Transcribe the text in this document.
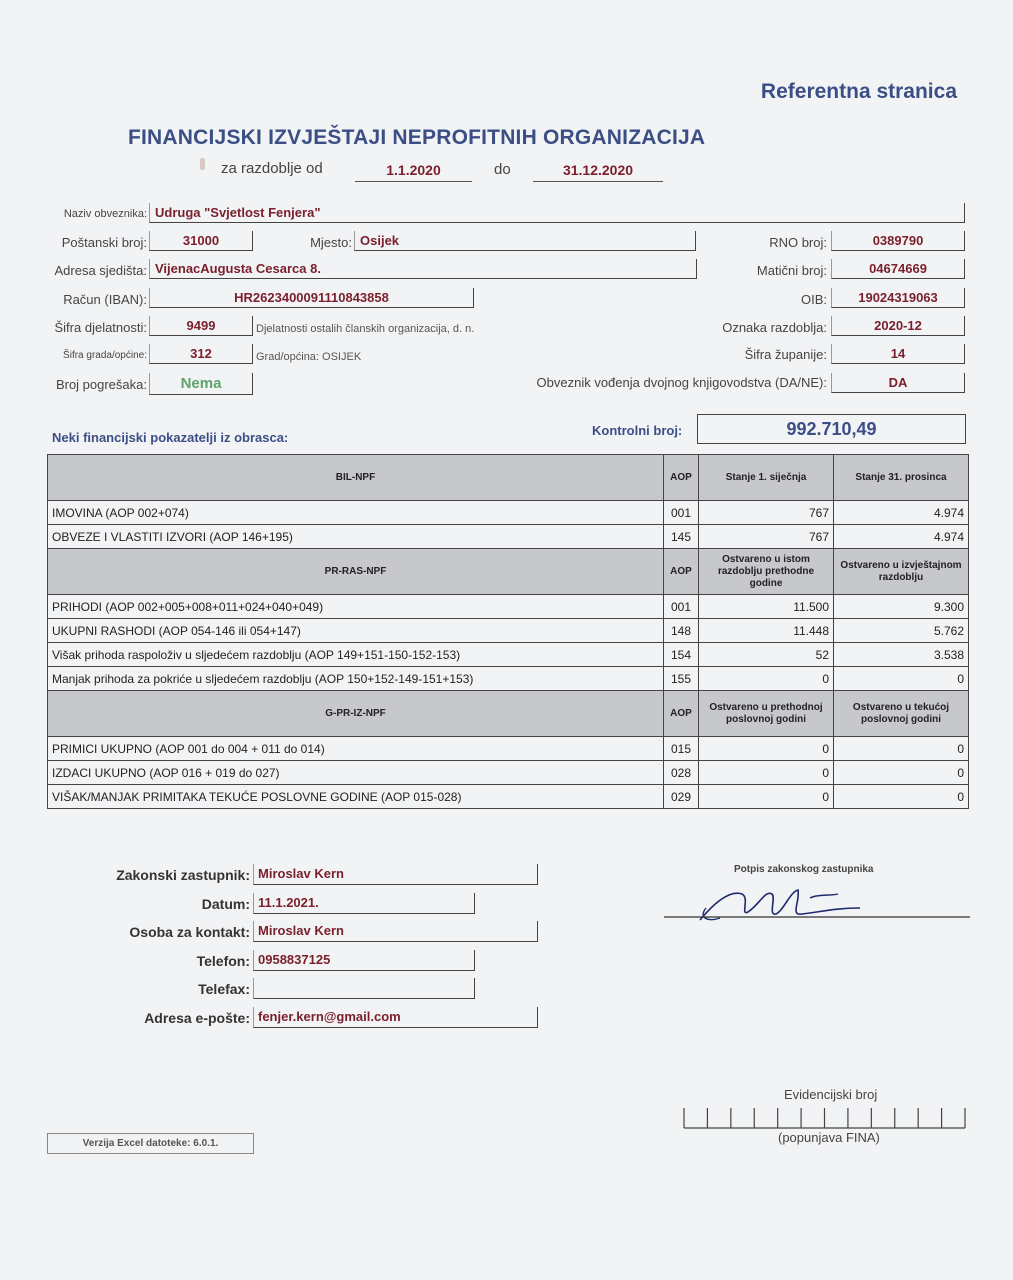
Referentna stranica
FINANCIJSKI IZVJEŠTAJI NEPROFITNIH ORGANIZACIJA
za razdoblje od	1.1.2020	do	31.12.2020
Naziv obveznika: Udruga "Svjetlost Fenjera"
Poštanski broj:	31000	Mjesto: Osijek	RNO broj:	0389790
Adresa sjedišta: VijenacAugusta Cesarca 8.	Matični broj:	04674669
Račun (IBAN):	HR2623400091110843858	OIB:	19024319063
Šifra djelatnosti:	9499	Djelatnosti ostalih članskih organizacija, d. n.	Oznaka razdoblja:	2020-12
Šifra grada/općine:	312	Grad/općina: OSIJEK	Šifra županije:	14
Broj pogrešaka:	Nema	Obveznik vođenja dvojnog knjigovodstva (DA/NE):	DA
Neki financijski pokazatelji iz obrasca:	Kontrolni broj:	992.710,49
BIL-NPF	AOP	Stanje 1. siječnja	Stanje 31. prosinca
IMOVINA (AOP 002+074)	001	767	4.974
OBVEZE I VLASTITI IZVORI (AOP 146+195)	145	767	4.974
PR-RAS-NPF	AOP	Ostvareno u istom razdoblju prethodne godine	Ostvareno u izvještajnom razdoblju
PRIHODI (AOP 002+005+008+011+024+040+049)	001	11.500	9.300
UKUPNI RASHODI (AOP 054-146 ili 054+147)	148	11.448	5.762
Višak prihoda raspoloživ u sljedećem razdoblju (AOP 149+151-150-152-153)	154	52	3.538
Manjak prihoda za pokriće u sljedećem razdoblju (AOP 150+152-149-151+153)	155	0	0
G-PR-IZ-NPF	AOP	Ostvareno u prethodnoj poslovnoj godini	Ostvareno u tekućoj poslovnoj godini
PRIMICI UKUPNO (AOP 001 do 004 + 011 do 014)	015	0	0
IZDACI UKUPNO (AOP 016 + 019 do 027)	028	0	0
VIŠAK/MANJAK PRIMITAKA TEKUĆE POSLOVNE GODINE (AOP 015-028)	029	0	0
Zakonski zastupnik: Miroslav Kern
Datum: 11.1.2021.
Osoba za kontakt: Miroslav Kern
Telefon: 0958837125
Telefax:
Adresa e-pošte: fenjer.kern@gmail.com
Potpis zakonskog zastupnika
Evidencijski broj
(popunjava FINA)
Verzija Excel datoteke: 6.0.1.
